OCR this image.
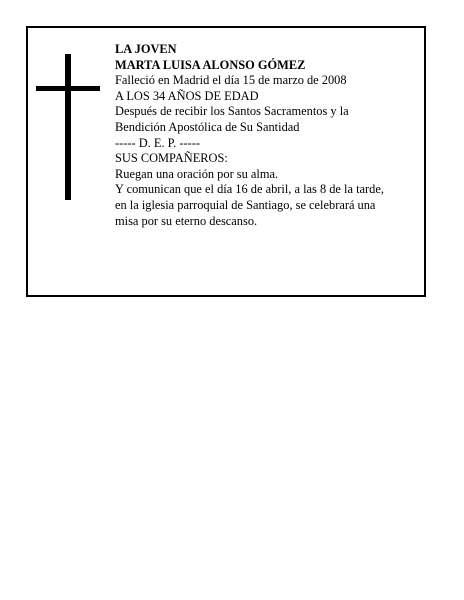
LA JOVEN
MARTA LUISA ALONSO GÓMEZ
Falleció en Madrid el día 15 de marzo de 2008
A LOS 34 AÑOS DE EDAD
Después de recibir los Santos Sacramentos y la
Bendición Apostólica de Su Santidad
----- D. E. P. -----
SUS COMPAÑEROS:
Ruegan una oración por su alma.
Y comunican que el día 16 de abril, a las 8 de la tarde,
en la iglesia parroquial de Santiago, se celebrará una
misa por su eterno descanso.
